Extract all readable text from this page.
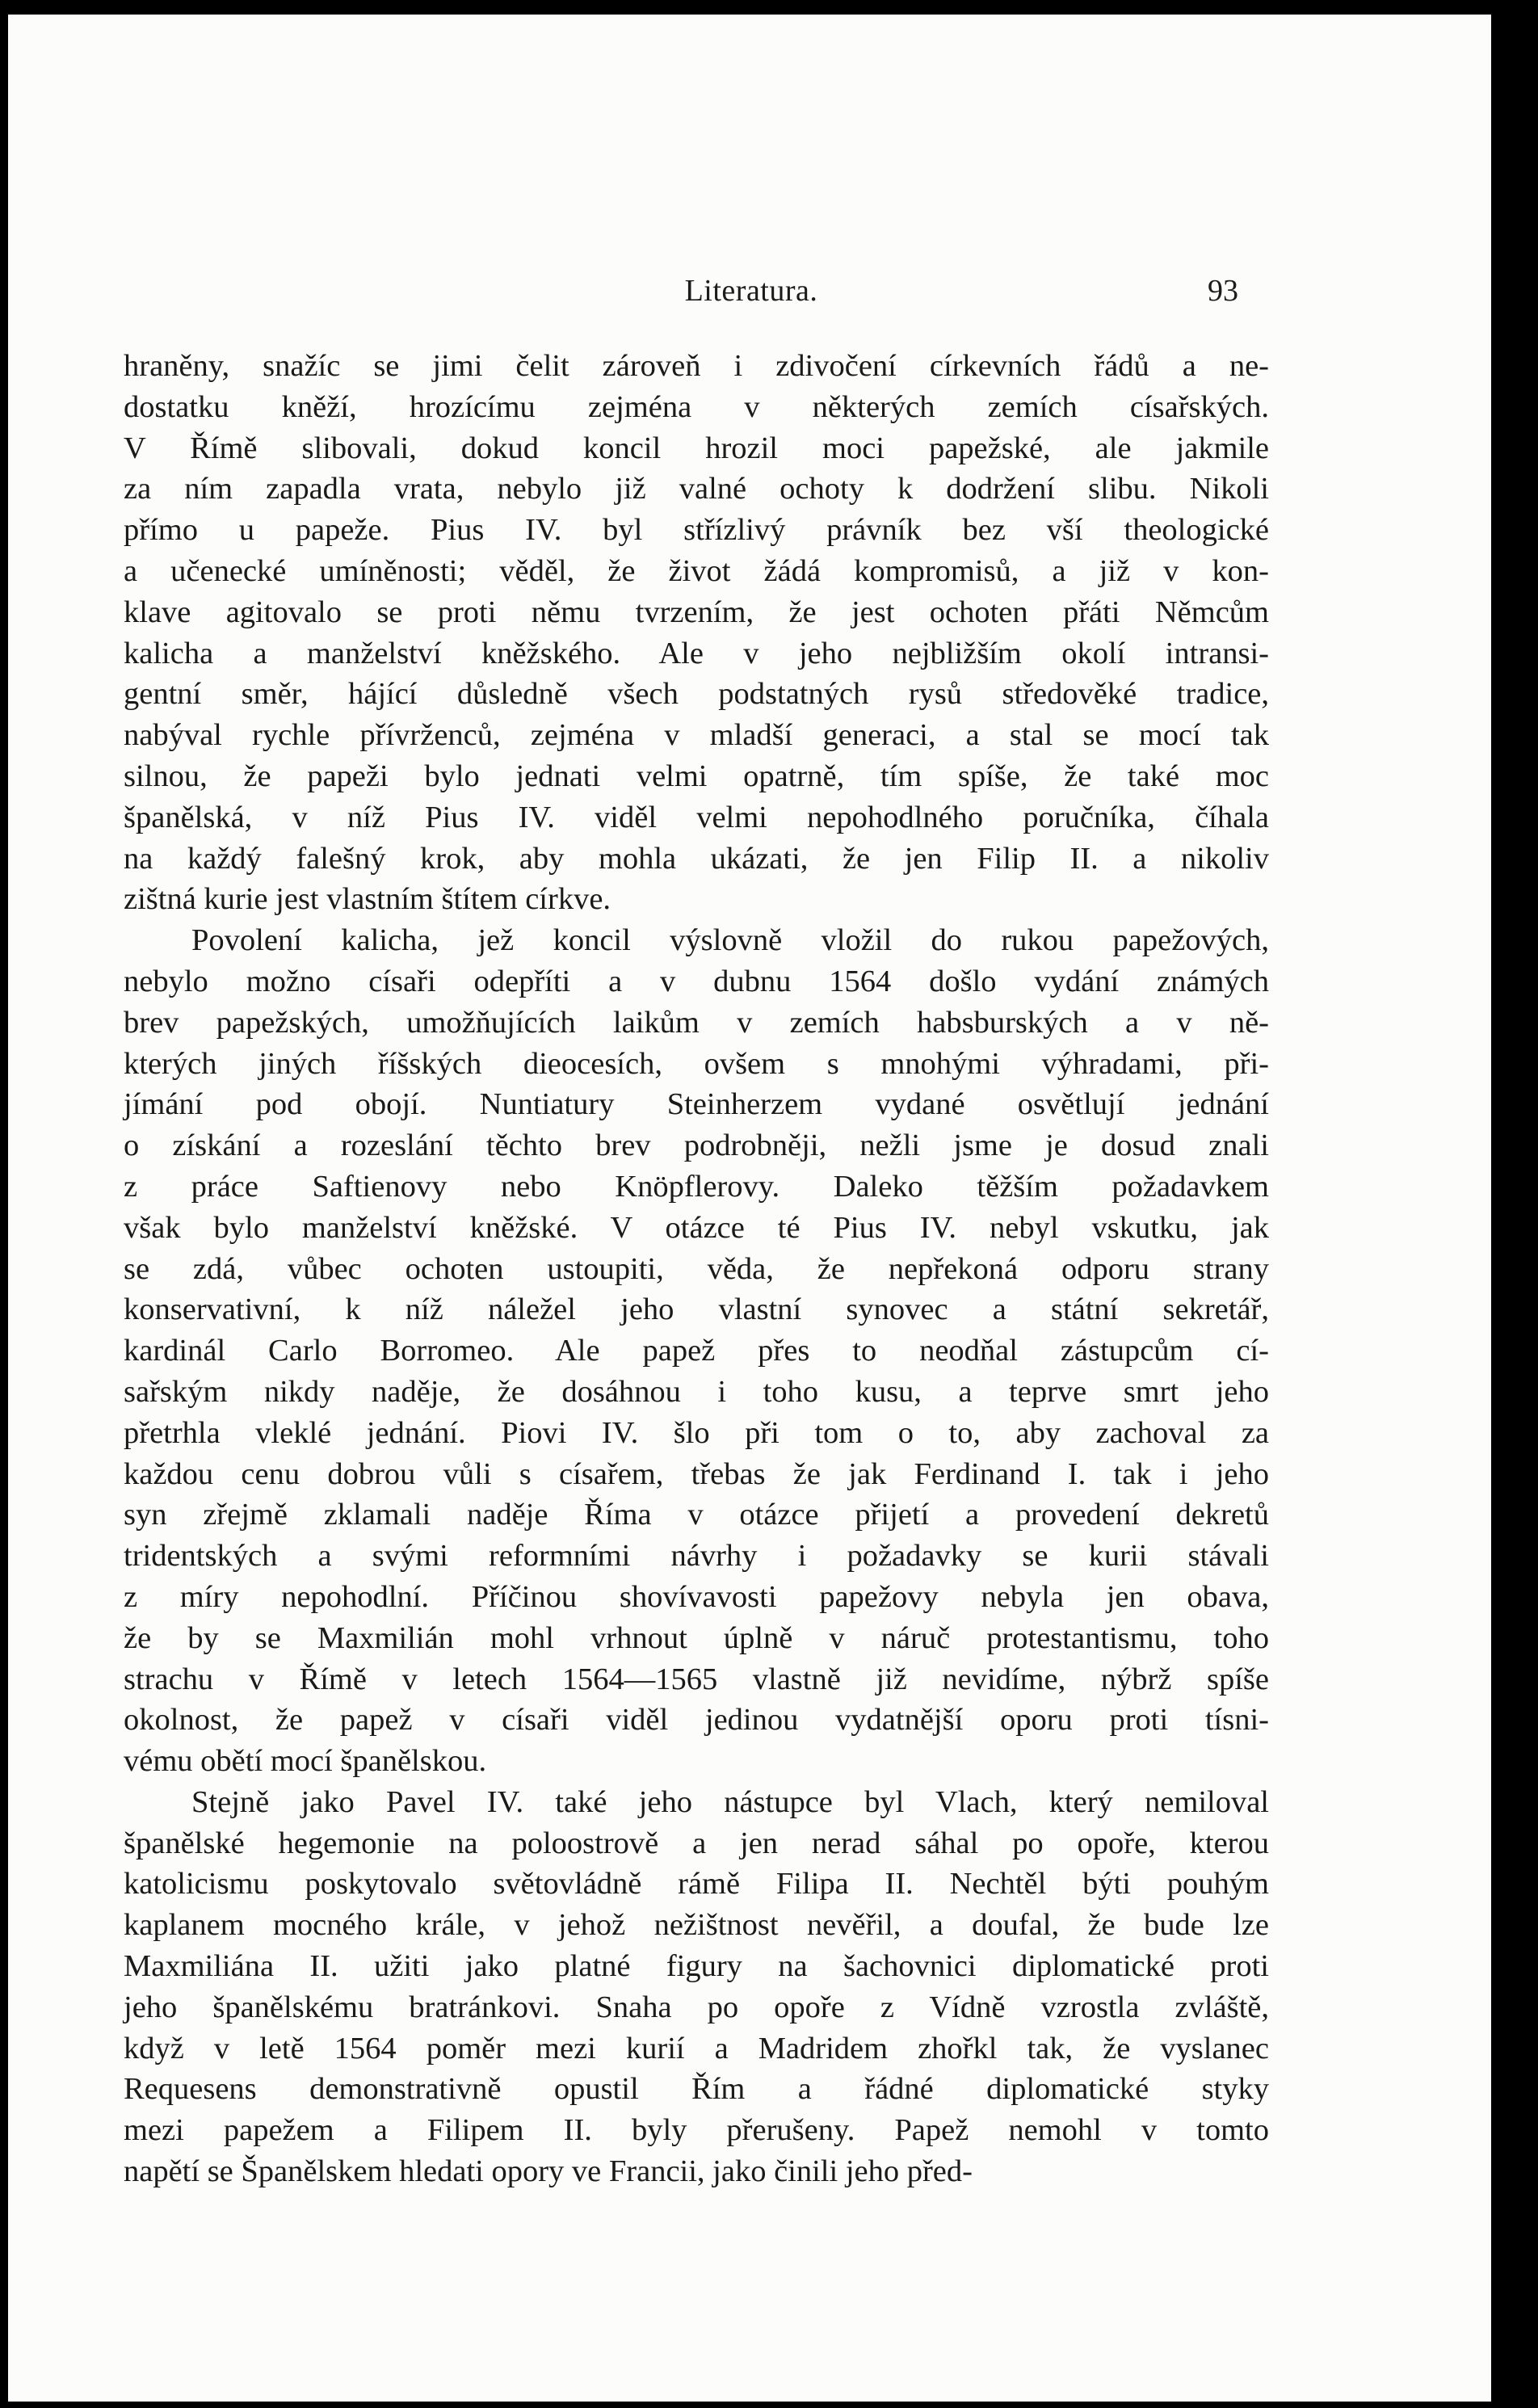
Literatura.	93

hraněny, snažíc se jimi čelit zároveň i zdivočení církevních řádů a ne-
dostatku kněží, hrozícímu zejména v některých zemích císařských.
V Římě slibovali, dokud koncil hrozil moci papežské, ale jakmile
za ním zapadla vrata, nebylo již valné ochoty k dodržení slibu. Nikoli
přímo u papeže. Pius IV. byl střízlivý právník bez vší theologické
a učenecké umíněnosti; věděl, že život žádá kompromisů, a již v kon-
klave agitovalo se proti němu tvrzením, že jest ochoten přáti Němcům
kalicha a manželství kněžského. Ale v jeho nejbližším okolí intransi-
gentní směr, hájící důsledně všech podstatných rysů středověké tradice,
nabýval rychle přívrženců, zejména v mladší generaci, a stal se mocí tak
silnou, že papeži bylo jednati velmi opatrně, tím spíše, že také moc
španělská, v níž Pius IV. viděl velmi nepohodlného poručníka, číhala
na každý falešný krok, aby mohla ukázati, že jen Filip II. a nikoliv
zištná kurie jest vlastním štítem církve.

Povolení kalicha, jež koncil výslovně vložil do rukou papežových,
nebylo možno císaři odepříti a v dubnu 1564 došlo vydání známých
brev papežských, umožňujících laikům v zemích habsburských a v ně-
kterých jiných říšských dieocesích, ovšem s mnohými výhradami, při-
jímání pod obojí. Nuntiatury Steinherzem vydané osvětlují jednání
o získání a rozeslání těchto brev podrobněji, nežli jsme je dosud znali
z práce Saftienovy nebo Knöpflerovy. Daleko těžším požadavkem
však bylo manželství kněžské. V otázce té Pius IV. nebyl vskutku, jak
se zdá, vůbec ochoten ustoupiti, věda, že nepřekoná odporu strany
konservativní, k níž náležel jeho vlastní synovec a státní sekretář,
kardinál Carlo Borromeo. Ale papež přes to neodňal zástupcům cí-
sařským nikdy naděje, že dosáhnou i toho kusu, a teprve smrt jeho
přetrhla vleklé jednání. Piovi IV. šlo při tom o to, aby zachoval za
každou cenu dobrou vůli s císařem, třebas že jak Ferdinand I. tak i jeho
syn zřejmě zklamali naděje Říma v otázce přijetí a provedení dekretů
tridentských a svými reformními návrhy i požadavky se kurii stávali
z míry nepohodlní. Příčinou shovívavosti papežovy nebyla jen obava,
že by se Maxmilián mohl vrhnout úplně v náruč protestantismu, toho
strachu v Římě v letech 1564—1565 vlastně již nevidíme, nýbrž spíše
okolnost, že papež v císaři viděl jedinou vydatnější oporu proti tísni-
vému obětí mocí španělskou.

Stejně jako Pavel IV. také jeho nástupce byl Vlach, který nemiloval
španělské hegemonie na poloostrově a jen nerad sáhal po opoře, kterou
katolicismu poskytovalo světovládně rámě Filipa II. Nechtěl býti pouhým
kaplanem mocného krále, v jehož nežištnost nevěřil, a doufal, že bude lze
Maxmiliána II. užiti jako platné figury na šachovnici diplomatické proti
jeho španělskému bratránkovi. Snaha po opoře z Vídně vzrostla zvláště,
když v letě 1564 poměr mezi kurií a Madridem zhořkl tak, že vyslanec
Requesens demonstrativně opustil Řím a řádné diplomatické styky
mezi papežem a Filipem II. byly přerušeny. Papež nemohl v tomto
napětí se Španělskem hledati opory ve Francii, jako činili jeho před-
